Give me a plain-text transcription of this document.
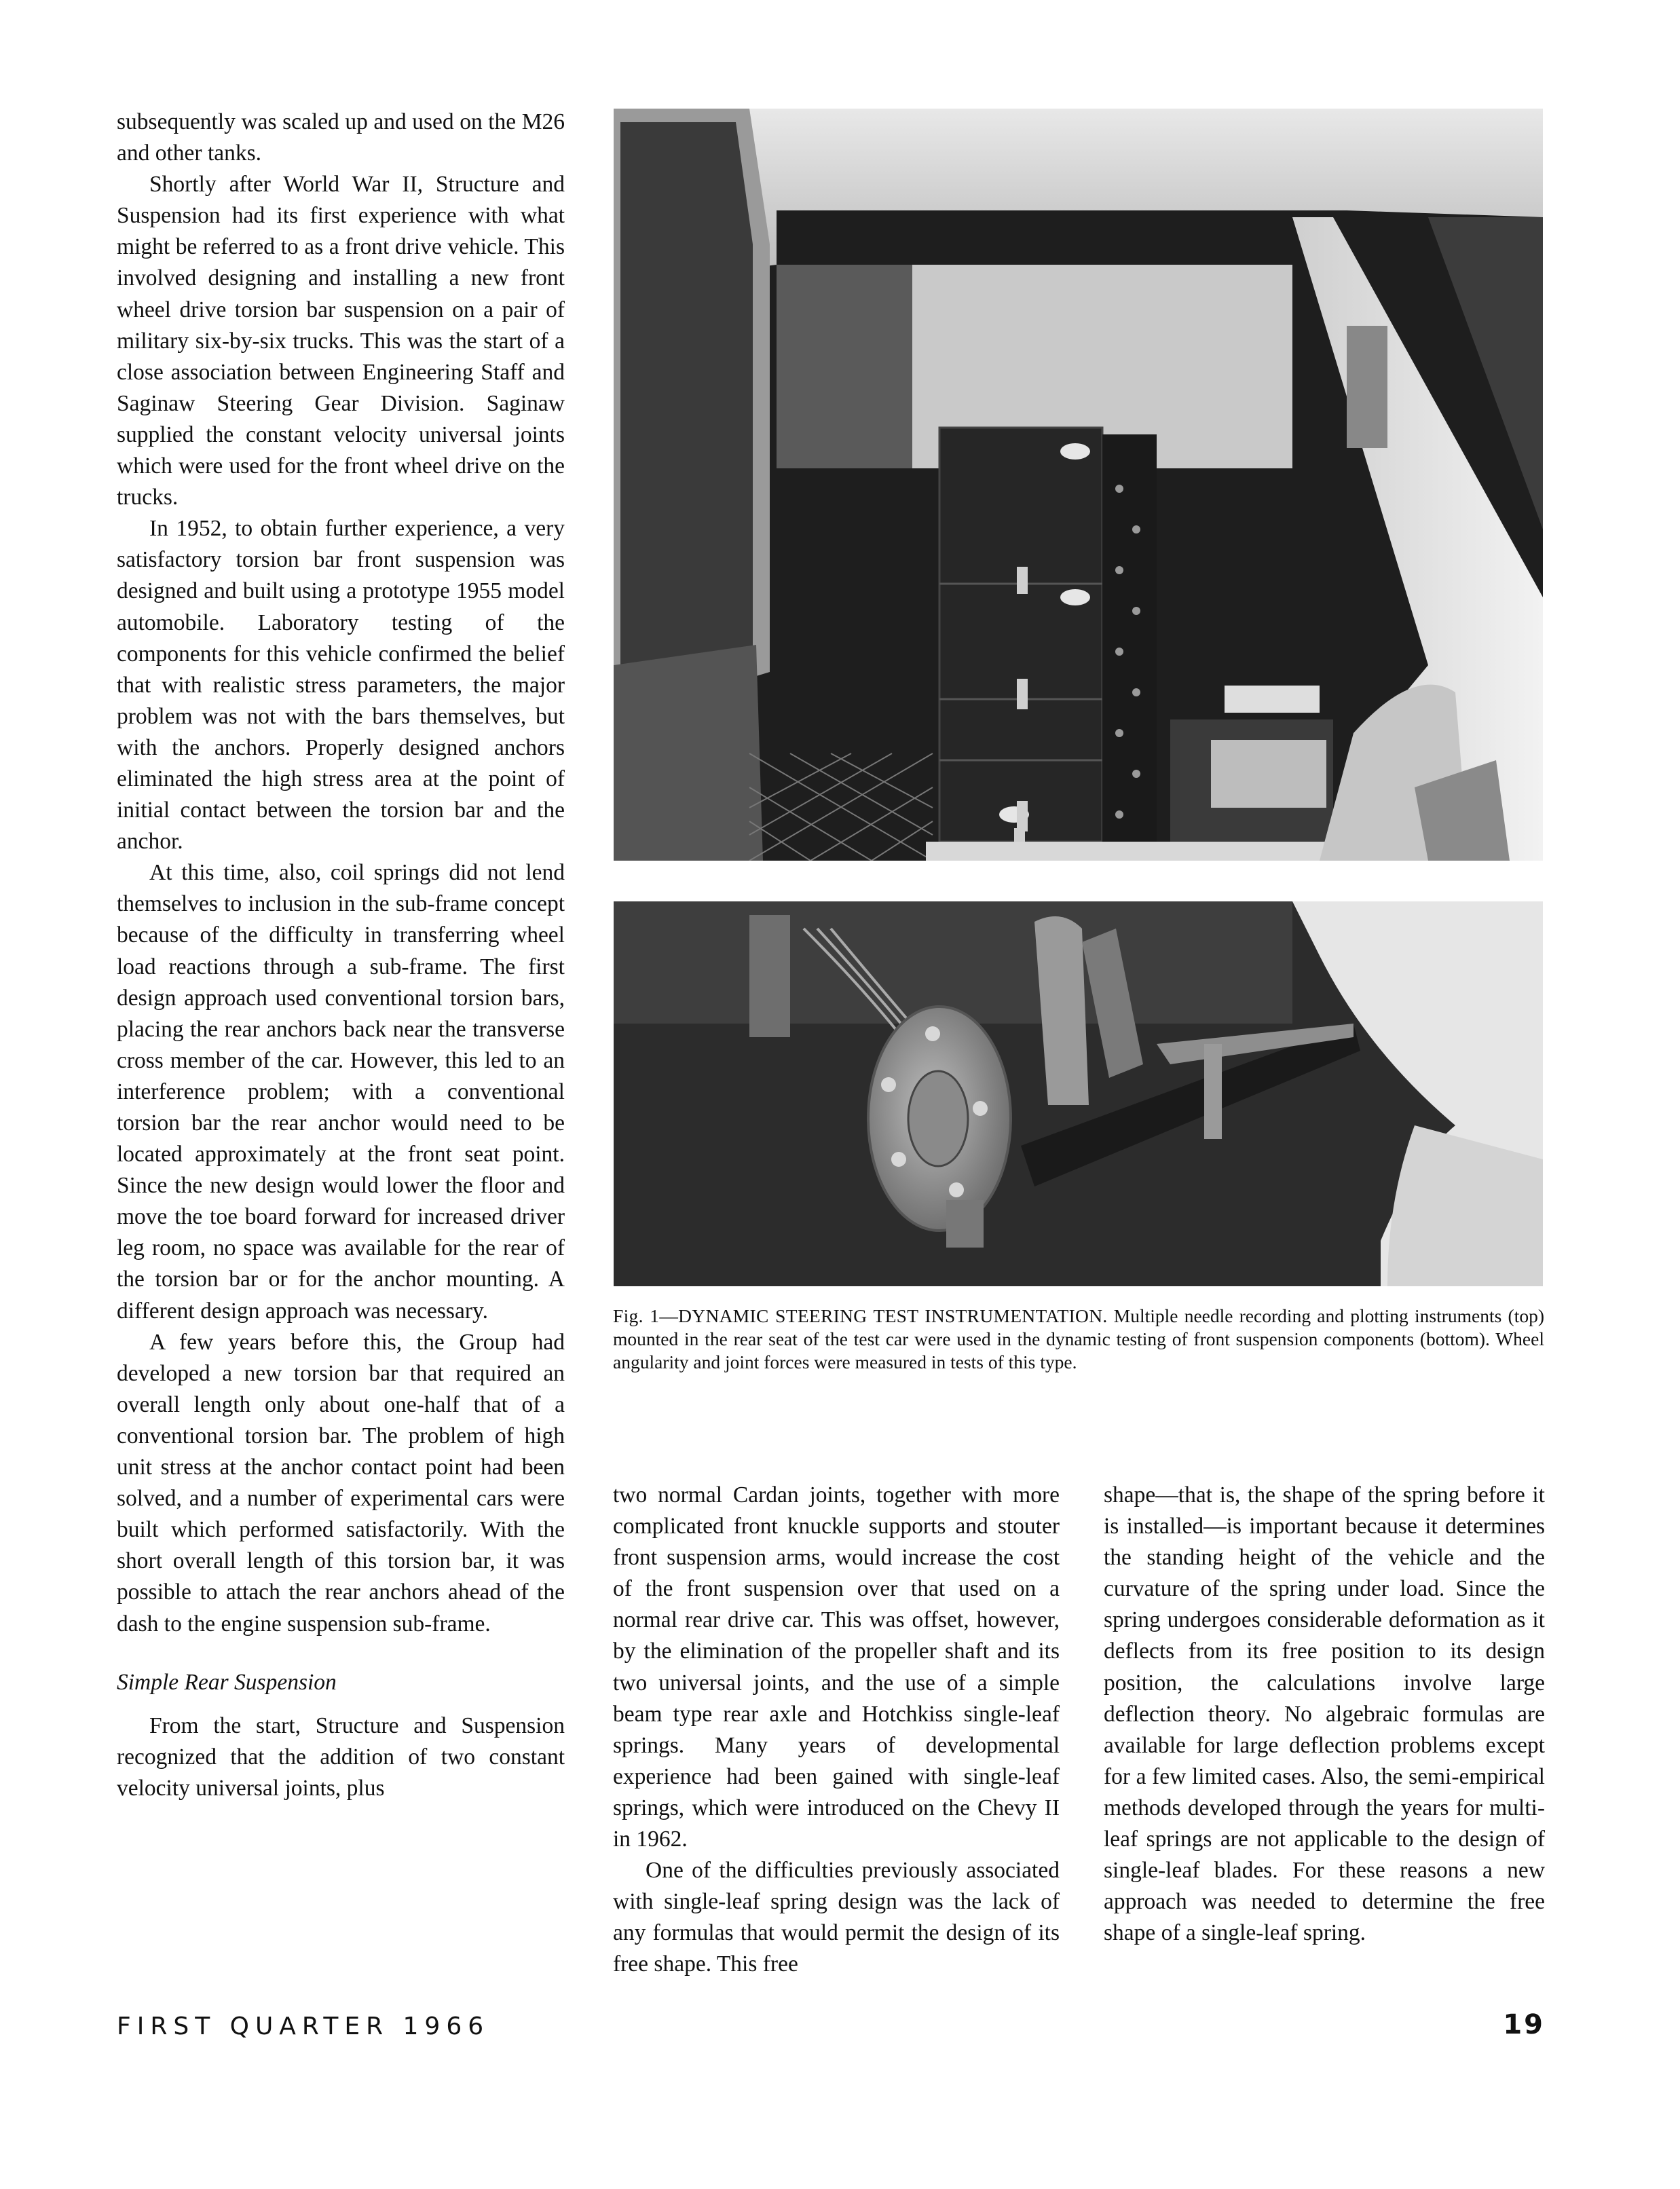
subsequently was scaled up and used on the M26 and other tanks.

Shortly after World War II, Structure and Suspension had its first experience with what might be referred to as a front drive vehicle. This involved designing and installing a new front wheel drive torsion bar suspension on a pair of military six-by-six trucks. This was the start of a close association between Engineering Staff and Saginaw Steering Gear Division. Saginaw supplied the constant velocity universal joints which were used for the front wheel drive on the trucks.

In 1952, to obtain further experience, a very satisfactory torsion bar front suspension was designed and built using a prototype 1955 model automobile. Laboratory testing of the components for this vehicle confirmed the belief that with realistic stress parameters, the major problem was not with the bars themselves, but with the anchors. Properly designed anchors eliminated the high stress area at the point of initial contact between the torsion bar and the anchor.

At this time, also, coil springs did not lend themselves to inclusion in the sub-frame concept because of the difficulty in transferring wheel load reactions through a sub-frame. The first design approach used conventional torsion bars, placing the rear anchors back near the transverse cross member of the car. However, this led to an interference problem; with a conventional torsion bar the rear anchor would need to be located approximately at the front seat point. Since the new design would lower the floor and move the toe board forward for increased driver leg room, no space was available for the rear of the torsion bar or for the anchor mounting. A different design approach was necessary.

A few years before this, the Group had developed a new torsion bar that required an overall length only about one-half that of a conventional torsion bar. The problem of high unit stress at the anchor contact point had been solved, and a number of experimental cars were built which performed satisfactorily. With the short overall length of this torsion bar, it was possible to attach the rear anchors ahead of the dash to the engine suspension sub-frame.

Simple Rear Suspension

From the start, Structure and Suspension recognized that the addition of two constant velocity universal joints, plus

Fig. 1—DYNAMIC STEERING TEST INSTRUMENTATION. Multiple needle recording and plotting instruments (top) mounted in the rear seat of the test car were used in the dynamic testing of front suspension components (bottom). Wheel angularity and joint forces were measured in tests of this type.

two normal Cardan joints, together with more complicated front knuckle supports and stouter front suspension arms, would increase the cost of the front suspension over that used on a normal rear drive car. This was offset, however, by the elimination of the propeller shaft and its two universal joints, and the use of a simple beam type rear axle and Hotchkiss single-leaf springs. Many years of developmental experience had been gained with single-leaf springs, which were introduced on the Chevy II in 1962.

One of the difficulties previously associated with single-leaf spring design was the lack of any formulas that would permit the design of its free shape. This free

shape—that is, the shape of the spring before it is installed—is important because it determines the standing height of the vehicle and the curvature of the spring under load. Since the spring undergoes considerable deformation as it deflects from its free position to its design position, the calculations involve large deflection theory. No algebraic formulas are available for large deflection problems except for a few limited cases. Also, the semi-empirical methods developed through the years for multi-leaf springs are not applicable to the design of single-leaf blades. For these reasons a new approach was needed to determine the free shape of a single-leaf spring.

FIRST QUARTER 1966	19
